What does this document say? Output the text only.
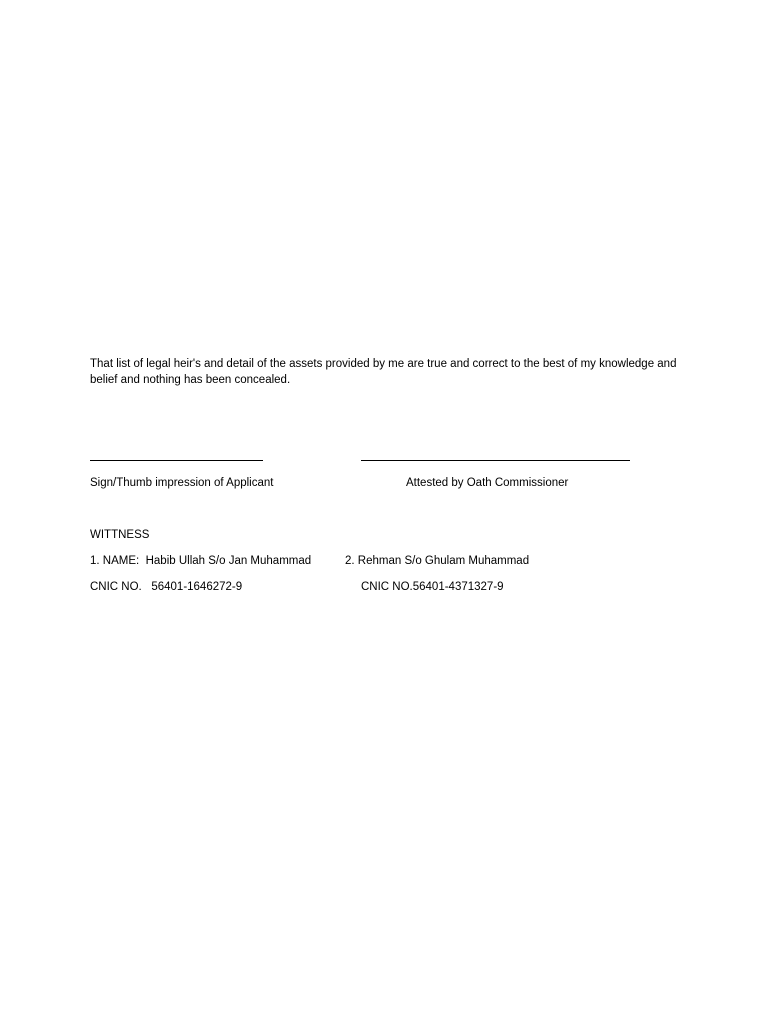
That list of legal heir's and detail of the assets provided by me are true and correct to the best of my knowledge and belief and nothing has been concealed.

Sign/Thumb impression of Applicant	Attested by Oath Commissioner

WITTNESS

1. NAME:  Habib Ullah S/o Jan Muhammad	2. Rehman S/o Ghulam Muhammad

CNIC NO.   56401-1646272-9	CNIC NO.56401-4371327-9
